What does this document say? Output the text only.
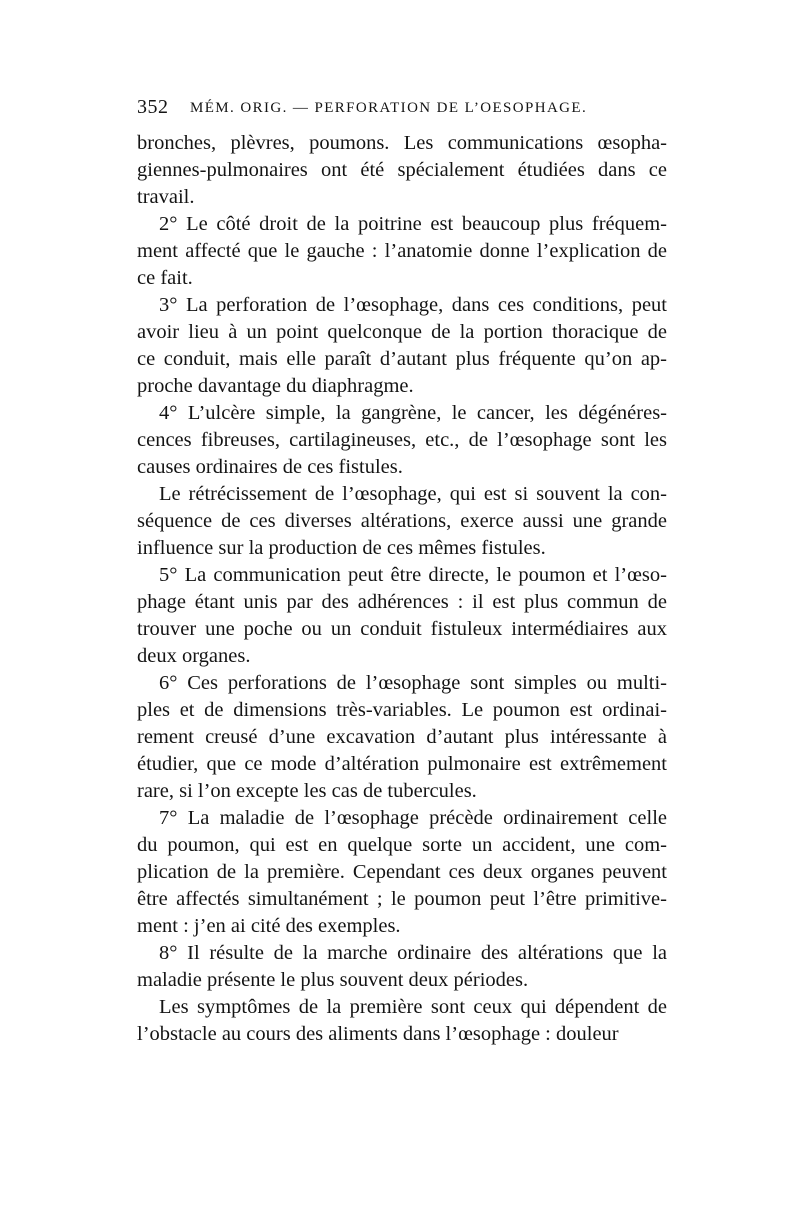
352 MÉM. ORIG. — PERFORATION DE L’OESOPHAGE.
bronches, plèvres, poumons. Les communications œsopha-
giennes-pulmonaires ont été spécialement étudiées dans ce
travail.
2° Le côté droit de la poitrine est beaucoup plus fréquem-
ment affecté que le gauche : l’anatomie donne l’explication de
ce fait.
3° La perforation de l’œsophage, dans ces conditions, peut
avoir lieu à un point quelconque de la portion thoracique de
ce conduit, mais elle paraît d’autant plus fréquente qu’on ap-
proche davantage du diaphragme.
4° L’ulcère simple, la gangrène, le cancer, les dégénéres-
cences fibreuses, cartilagineuses, etc., de l’œsophage sont les
causes ordinaires de ces fistules.
Le rétrécissement de l’œsophage, qui est si souvent la con-
séquence de ces diverses altérations, exerce aussi une grande
influence sur la production de ces mêmes fistules.
5° La communication peut être directe, le poumon et l’œso-
phage étant unis par des adhérences : il est plus commun de
trouver une poche ou un conduit fistuleux intermédiaires aux
deux organes.
6° Ces perforations de l’œsophage sont simples ou multi-
ples et de dimensions très-variables. Le poumon est ordinai-
rement creusé d’une excavation d’autant plus intéressante à
étudier, que ce mode d’altération pulmonaire est extrêmement
rare, si l’on excepte les cas de tubercules.
7° La maladie de l’œsophage précède ordinairement celle
du poumon, qui est en quelque sorte un accident, une com-
plication de la première. Cependant ces deux organes peuvent
être affectés simultanément ; le poumon peut l’être primitive-
ment : j’en ai cité des exemples.
8° Il résulte de la marche ordinaire des altérations que la
maladie présente le plus souvent deux périodes.
Les symptômes de la première sont ceux qui dépendent de
l’obstacle au cours des aliments dans l’œsophage : douleur
